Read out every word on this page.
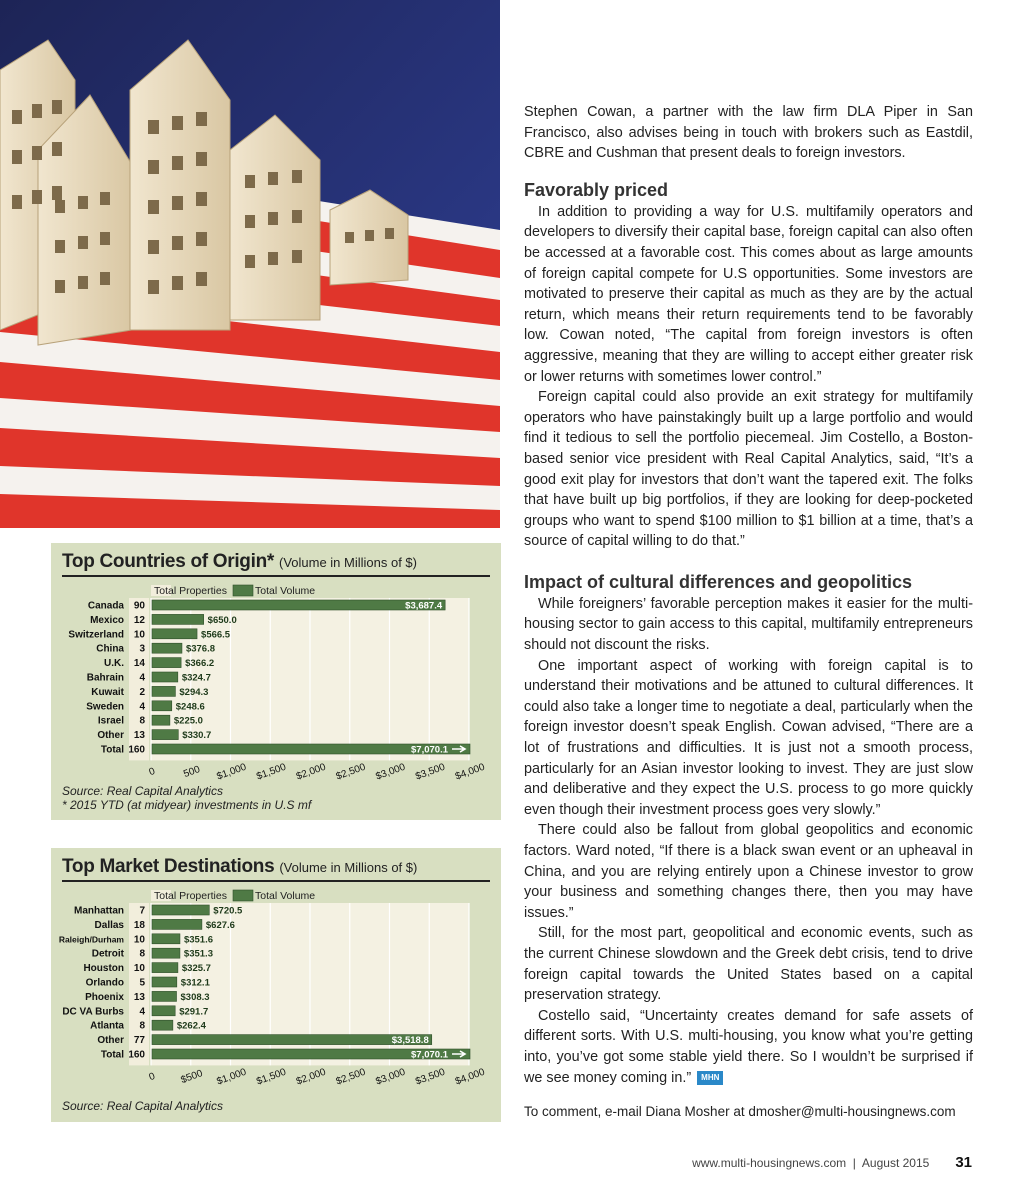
Top Countries of Origin* (Volume in Millions of $)
Total Properties	Total Volume
Canada 90	$3,687.4
Mexico 12	$650.0
Switzerland 10	$566.5
China 3	$376.8
U.K. 14	$366.2
Bahrain 4	$324.7
Kuwait 2	$294.3
Sweden 4	$248.6
Israel 8	$225.0
Other 13	$330.7
Total 160	$7,070.1
0	500 $1,000 $1,500 $2,000 $2,500 $3,000 $3,500 $4,000
Source: Real Capital Analytics
* 2015 YTD (at midyear) investments in U.S mf
Top Market Destinations (Volume in Millions of $)
Total Properties	Total Volume
Manhattan 7	$720.5
Dallas 18	$627.6
Raleigh/Durham 10	$351.6
Detroit 8	$351.3
Houston 10	$325.7
Orlando 5	$312.1
Phoenix 13	$308.3
DC VA Burbs 4	$291.7
Atlanta 8	$262.4
Other 77	$3,518.8
Total 160	$7,070.1
0 $500 $1,000 $1,500 $2,000 $2,500 $3,000 $3,500 $4,000
Source: Real Capital Analytics

Stephen Cowan, a partner with the law firm DLA Piper in San Francisco, also advises being in touch with brokers such as Eastdil, CBRE and Cushman that present deals to foreign investors.

Favorably priced

In addition to providing a way for U.S. multifamily operators and developers to diversify their capital base, foreign capital can also often be accessed at a favorable cost. This comes about as large amounts of foreign capital compete for U.S opportunities. Some investors are motivated to preserve their capital as much as they are by the actual return, which means their return requirements tend to be favorably low. Cowan noted, “The capital from foreign investors is often aggressive, meaning that they are willing to accept either greater risk or lower returns with sometimes lower control.”

Foreign capital could also provide an exit strategy for multifamily operators who have painstakingly built up a large portfolio and would find it tedious to sell the portfolio piecemeal. Jim Costello, a Boston-based senior vice president with Real Capital Analytics, said, “It’s a good exit play for investors that don’t want the tapered exit. The folks that have built up big portfolios, if they are looking for deep-pocketed groups who want to spend $100 million to $1 billion at a time, that’s a source of capital willing to do that.”

Impact of cultural differences and geopolitics

While foreigners’ favorable perception makes it easier for the multi-housing sector to gain access to this capital, multifamily entrepreneurs should not discount the risks.

One important aspect of working with foreign capital is to understand their motivations and be attuned to cultural differences. It could also take a longer time to negotiate a deal, particularly when the foreign investor doesn’t speak English. Cowan advised, “There are a lot of frustrations and difficulties. It is just not a smooth process, particularly for an Asian investor looking to invest. They are just slow and deliberative and they expect the U.S. process to go more quickly even though their investment process goes very slowly.”

There could also be fallout from global geopolitics and economic factors. Ward noted, “If there is a black swan event or an upheaval in China, and you are relying entirely upon a Chinese investor to grow your business and something changes there, then you may have issues.”

Still, for the most part, geopolitical and economic events, such as the current Chinese slowdown and the Greek debt crisis, tend to drive foreign capital towards the United States based on a capital preservation strategy.

Costello said, “Uncertainty creates demand for safe assets of different sorts. With U.S. multi-housing, you know what you’re getting into, you’ve got some stable yield there. So I wouldn’t be surprised if we see money coming in.” MHN

To comment, e-mail Diana Mosher at dmosher@multi-housingnews.com
www.multi-housingnews.com  |  August 2015 31
